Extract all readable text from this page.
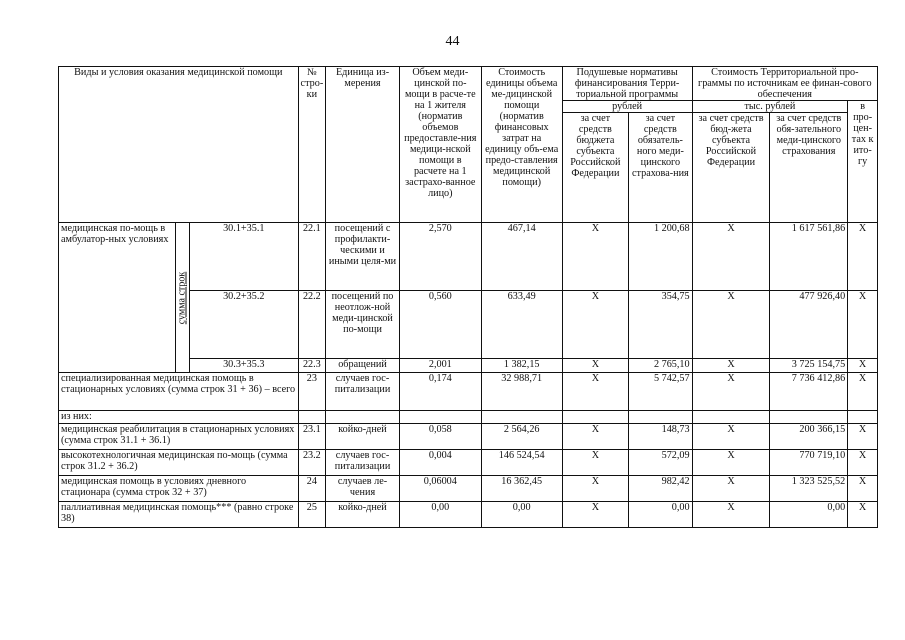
44
Виды и условия оказания медицинской помощи			№ стро-ки	Единица из-мерения	Объем меди-цинской по-мощи в расче-те на 1 жителя (норматив объемов предоставле-ния медици-нской помощи в расчете на 1 застрахо-ванное лицо)	Стоимость единицы объема ме-дицинской помощи (норматив финансовых затрат на единицу объ-ема предо-ставления медицинской помощи)	Подушевые нормативы финансирования Терри-ториальной программы		Стоимость Территориальной про-граммы по источникам ее финан-сового обеспечения		
							рублей		тыс. рублей		в про-цен-тах к ито-гу
							за счет средств бюджета субъекта Российской Федерации	за счет средств обязатель-ного меди-цинского страхова-ния	за счет средств бюд-жета субъекта Российской Федерации	за счет средств обя-зательного меди-цинского страхования	
медицинская по-мощь в амбулатор-ных условиях	сумма строк	30.1+35.1	22.1	посещений с профилакти-ческими и иными целя-ми	2,570	467,14	X	1 200,68	X	1 617 561,86	X
		30.2+35.2	22.2	посещений по неотлож-ной меди-цинской по-мощи	0,560	633,49	X	354,75	X	477 926,40	X
		30.3+35.3	22.3	обращений	2,001	1 382,15	X	2 765,10	X	3 725 154,75	X
специализированная медицинская помощь в стационарных условиях (сумма строк 31 + 36) – всего			23	случаев гос-питализации	0,174	32 988,71	X	5 742,57	X	7 736 412,86	X
из них:											
медицинская реабилитация в стационарных условиях (сумма строк 31.1 + 36.1)			23.1	койко-дней	0,058	2 564,26	X	148,73	X	200 366,15	X
высокотехнологичная медицинская по-мощь (сумма строк 31.2 + 36.2)			23.2	случаев гос-питализации	0,004	146 524,54	X	572,09	X	770 719,10	X
медицинская помощь в условиях дневного стационара (сумма строк 32 + 37)			24	случаев ле-чения	0,06004	16 362,45	X	982,42	X	1 323 525,52	X
паллиативная медицинская помощь*** (равно строке 38)			25	койко-дней	0,00	0,00	X	0,00	X	0,00	X
